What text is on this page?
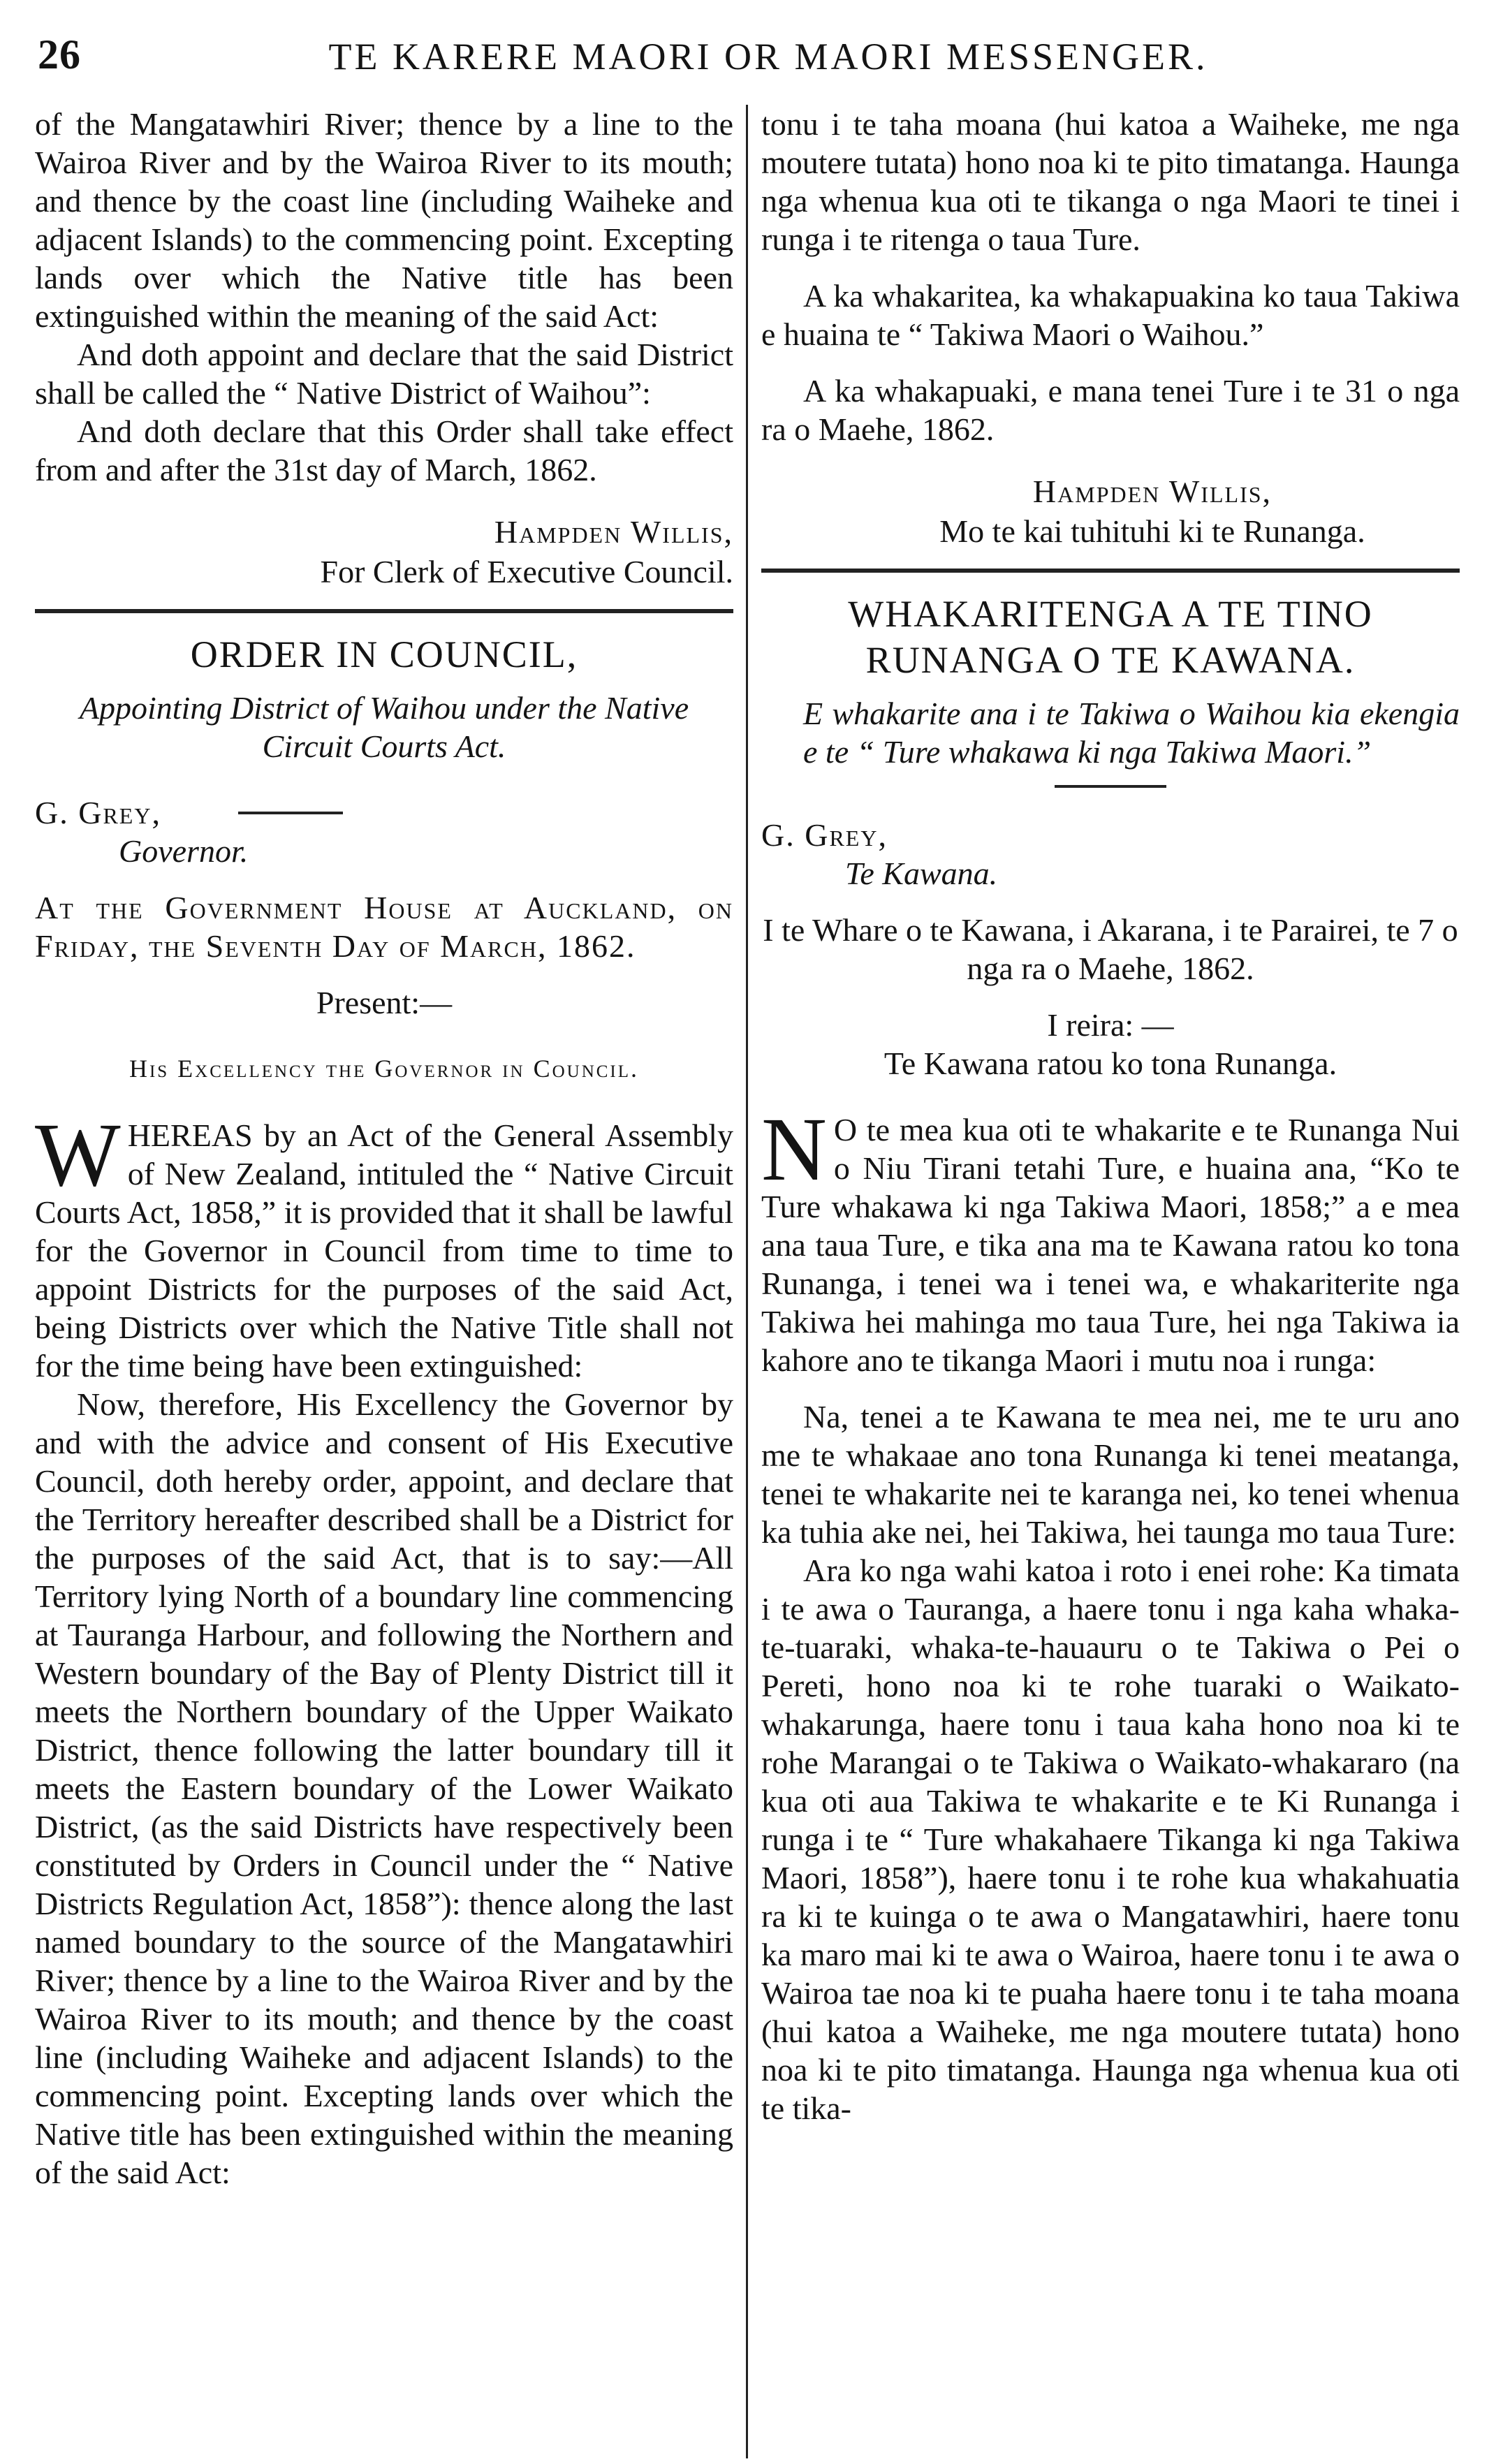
26	TE KARERE MAORI OR MAORI MESSENGER.

of the Mangatawhiri River; thence by a line to the Wairoa River and by the Wairoa River to its mouth; and thence by the coast line (including Waiheke and adjacent Islands) to the commencing point. Excepting lands over which the Native title has been extinguished within the meaning of the said Act:

And doth appoint and declare that the said District shall be called the “ Native District of Waihou”:

And doth declare that this Order shall take effect from and after the 31st day of March, 1862.

Hampden Willis,

For Clerk of Executive Council.

ORDER IN COUNCIL,

Appointing District of Waihou under the Native Circuit Courts Act.

G. Grey,

Governor.

At the Government House at Auckland, on Friday, the Seventh Day of March, 1862.

Present:—

His Excellency the Governor in Council.

W HEREAS by an Act of the General Assembly of New Zealand, intituled the “ Native Circuit Courts Act, 1858,” it is provided that it shall be lawful for the Governor in Council from time to time to appoint Districts for the purposes of the said Act, being Districts over which the Native Title shall not for the time being have been extinguished:

Now, therefore, His Excellency the Governor by and with the advice and consent of His Executive Council, doth hereby order, appoint, and declare that the Territory hereafter described shall be a District for the purposes of the said Act, that is to say:—All Territory lying North of a boundary line commencing at Tauranga Harbour, and following the Northern and Western boundary of the Bay of Plenty District till it meets the Northern boundary of the Upper Waikato District, thence following the latter boundary till it meets the Eastern boundary of the Lower Waikato District, (as the said Districts have respectively been constituted by Orders in Council under the “ Native Districts Regulation Act, 1858”): thence along the last named boundary to the source of the Mangatawhiri River; thence by a line to the Wairoa River and by the Wairoa River to its mouth; and thence by the coast line (including Waiheke and adjacent Islands) to the commencing point. Excepting lands over which the Native title has been extinguished within the meaning of the said Act:

tonu i te taha moana (hui katoa a Waiheke, me nga moutere tutata) hono noa ki te pito timatanga. Haunga nga whenua kua oti te tikanga o nga Maori te tinei i runga i te ritenga o taua Ture.

A ka whakaritea, ka whakapuakina ko taua Takiwa e huaina te “ Takiwa Maori o Waihou.”

A ka whakapuaki, e mana tenei Ture i te 31 o nga ra o Maehe, 1862.

Hampden Willis,

Mo te kai tuhituhi ki te Runanga.

WHAKARITENGA A TE TINO RUNANGA O TE KAWANA.

E whakarite ana i te Takiwa o Waihou kia ekengia e te “ Ture whakawa ki nga Takiwa Maori.”

G. Grey,

Te Kawana.

I te Whare o te Kawana, i Akarana, i te Parairei, te 7 o nga ra o Maehe, 1862.

I reira: —

Te Kawana ratou ko tona Runanga.

N O te mea kua oti te whakarite e te Runanga Nui o Niu Tirani tetahi Ture, e huaina ana, “Ko te Ture whakawa ki nga Takiwa Maori, 1858;” a e mea ana taua Ture, e tika ana ma te Kawana ratou ko tona Runanga, i tenei wa i tenei wa, e whakariterite nga Takiwa hei mahinga mo taua Ture, hei nga Takiwa ia kahore ano te tikanga Maori i mutu noa i runga:

Na, tenei a te Kawana te mea nei, me te uru ano me te whakaae ano tona Runanga ki tenei meatanga, tenei te whakarite nei te karanga nei, ko tenei whenua ka tuhia ake nei, hei Takiwa, hei taunga mo taua Ture:

Ara ko nga wahi katoa i roto i enei rohe: Ka timata i te awa o Tauranga, a haere tonu i nga kaha whaka-te-tuaraki, whaka-te-hauauru o te Takiwa o Pei o Pereti, hono noa ki te rohe tuaraki o Waikato-whakarunga, haere tonu i taua kaha hono noa ki te rohe Marangai o te Takiwa o Waikato-whakararo (na kua oti aua Takiwa te whakarite e te Ki Runanga i runga i te “ Ture whakahaere Tikanga ki nga Takiwa Maori, 1858”), haere tonu i te rohe kua whakahuatia ra ki te kuinga o te awa o Mangatawhiri, haere tonu ka maro mai ki te awa o Wairoa, haere tonu i te awa o Wairoa tae noa ki te puaha haere tonu i te taha moana (hui katoa a Waiheke, me nga moutere tutata) hono noa ki te pito timatanga. Haunga nga whenua kua oti te tika-
